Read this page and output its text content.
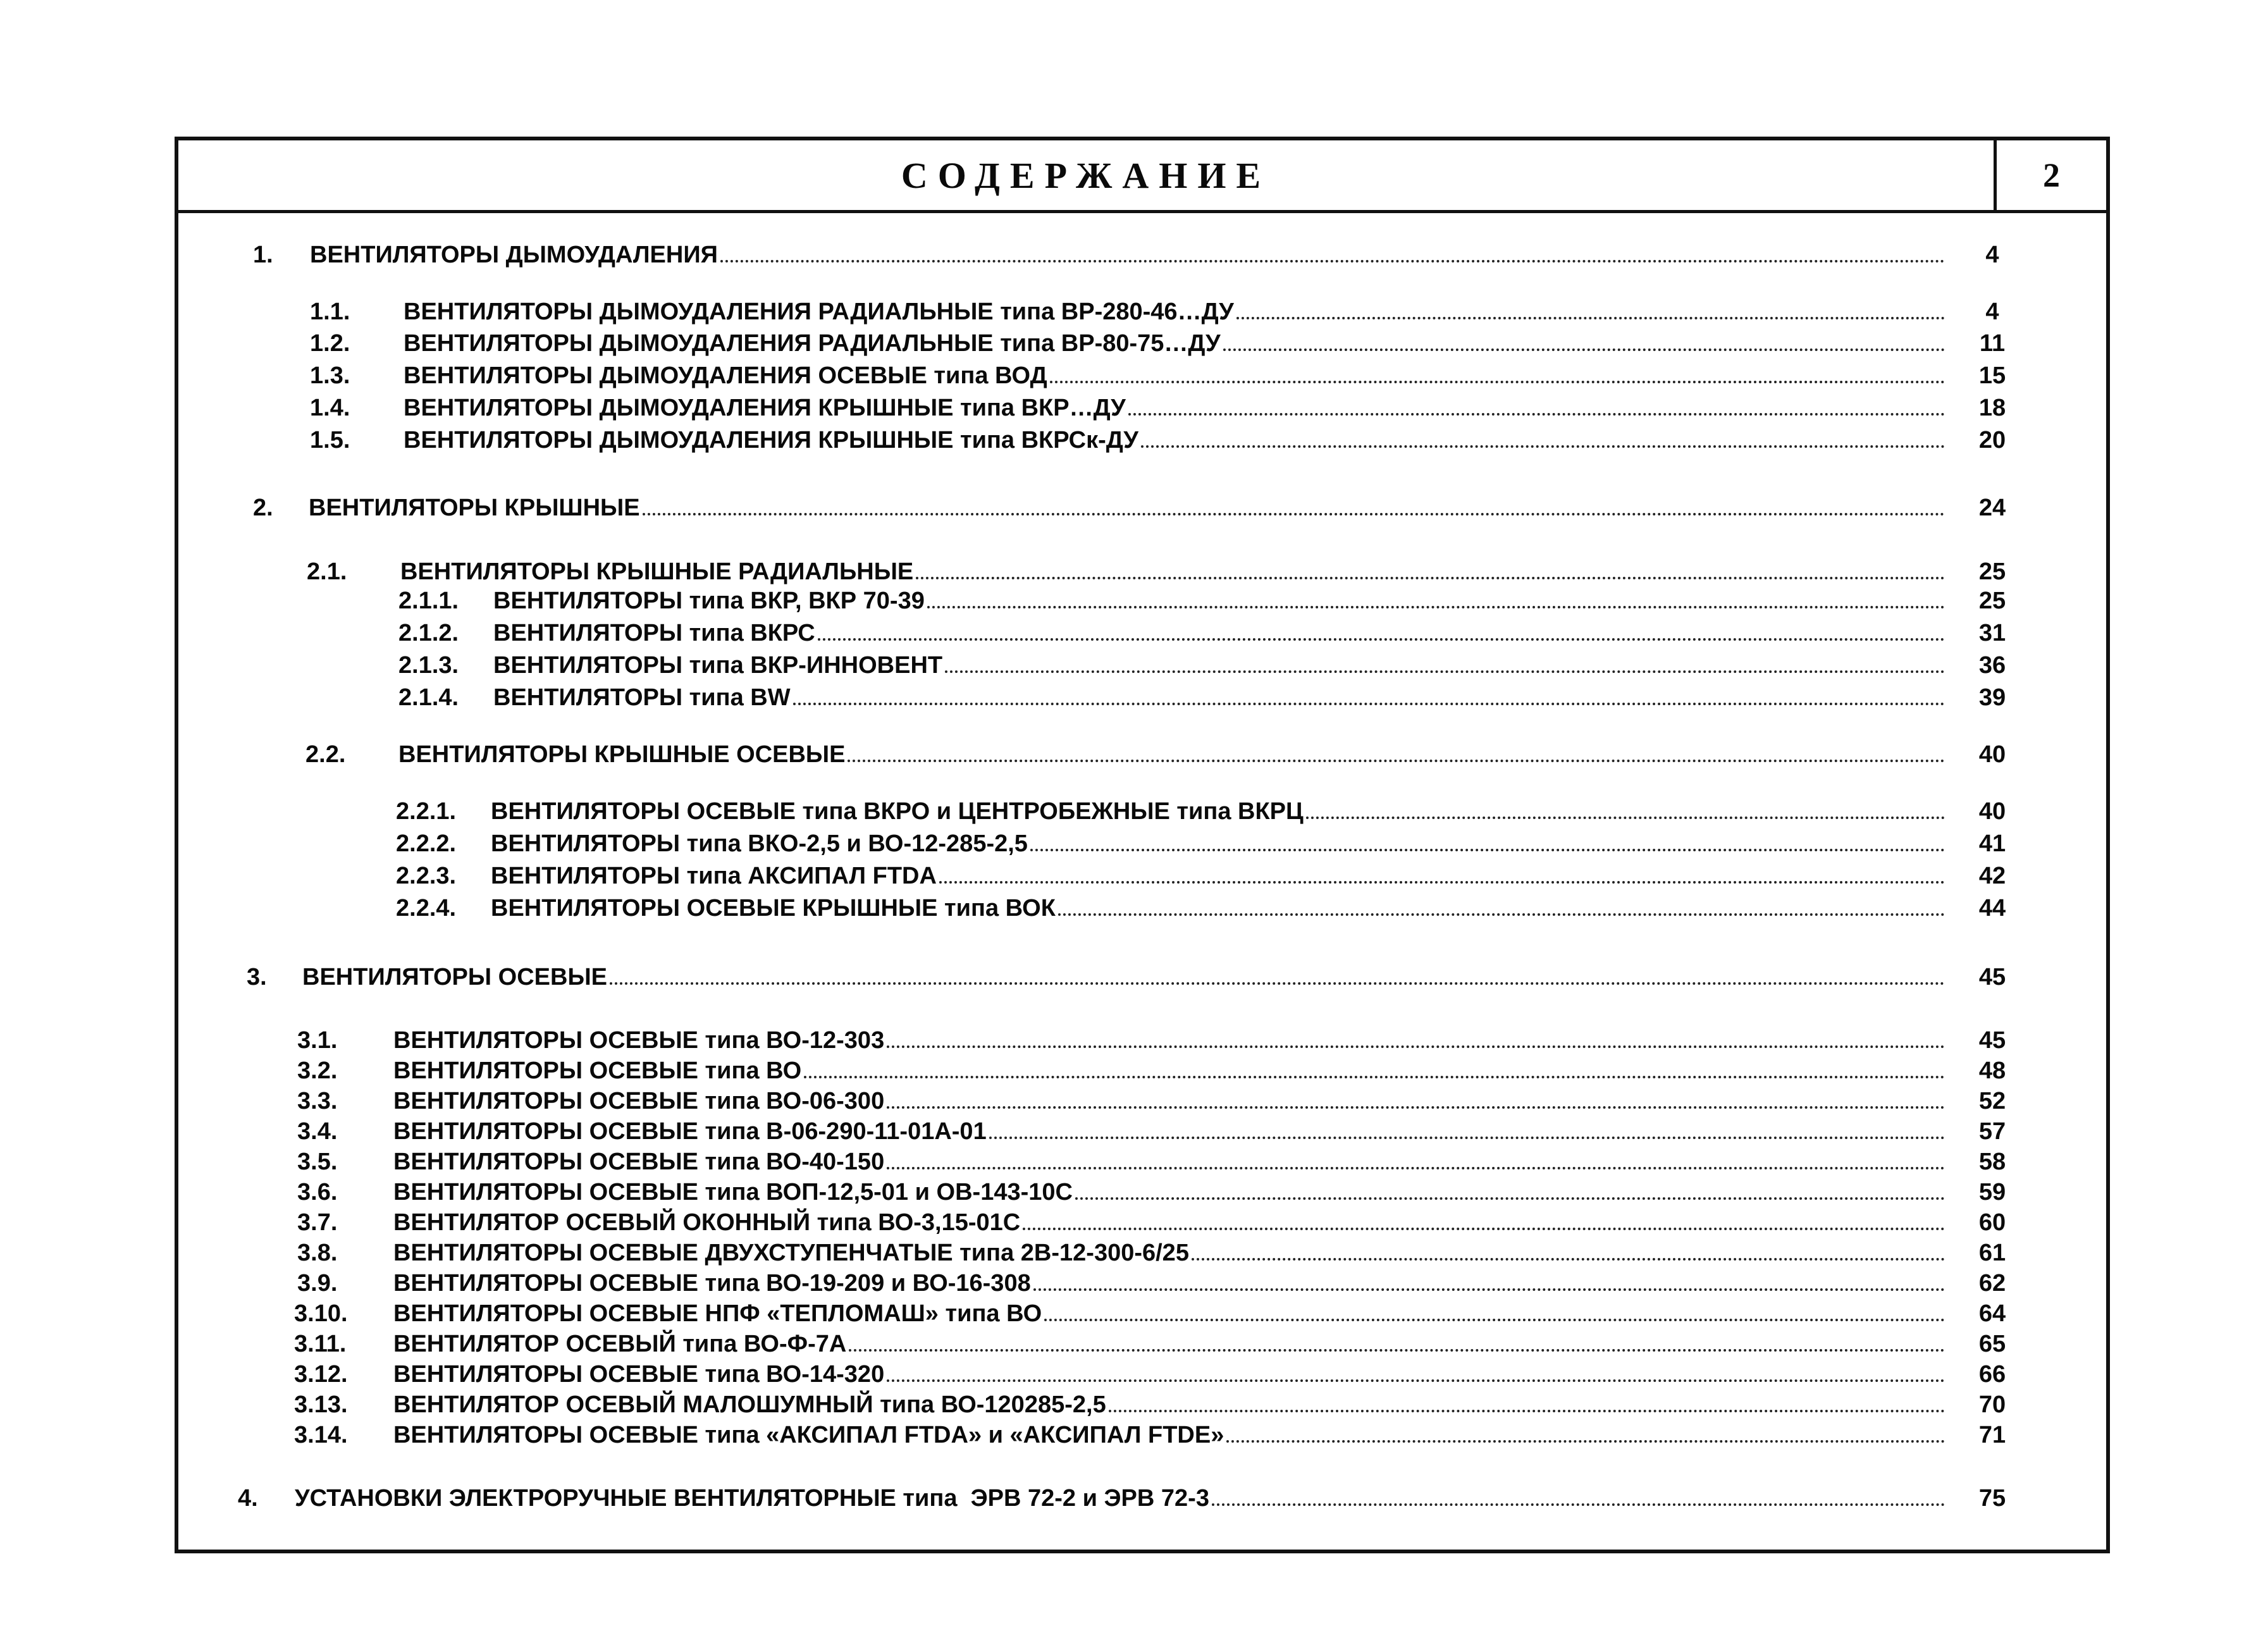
СОДЕРЖАНИЕ	2
1. ВЕНТИЛЯТОРЫ ДЫМОУДАЛЕНИЯ	4
1.1. ВЕНТИЛЯТОРЫ ДЫМОУДАЛЕНИЯ РАДИАЛЬНЫЕ типа ВР-280-46…ДУ	4
1.2. ВЕНТИЛЯТОРЫ ДЫМОУДАЛЕНИЯ РАДИАЛЬНЫЕ типа ВР-80-75…ДУ	11
1.3. ВЕНТИЛЯТОРЫ ДЫМОУДАЛЕНИЯ ОСЕВЫЕ типа ВОД	15
1.4. ВЕНТИЛЯТОРЫ ДЫМОУДАЛЕНИЯ КРЫШНЫЕ типа ВКР…ДУ	18
1.5. ВЕНТИЛЯТОРЫ ДЫМОУДАЛЕНИЯ КРЫШНЫЕ типа ВКРСк-ДУ	20
2. ВЕНТИЛЯТОРЫ КРЫШНЫЕ	24
2.1. ВЕНТИЛЯТОРЫ КРЫШНЫЕ РАДИАЛЬНЫЕ	25
2.1.1. ВЕНТИЛЯТОРЫ типа ВКР, ВКР 70-39	25
2.1.2. ВЕНТИЛЯТОРЫ типа ВКРС	31
2.1.3. ВЕНТИЛЯТОРЫ типа ВКР-ИННОВЕНТ	36
2.1.4. ВЕНТИЛЯТОРЫ типа BW	39
2.2. ВЕНТИЛЯТОРЫ КРЫШНЫЕ ОСЕВЫЕ	40
2.2.1. ВЕНТИЛЯТОРЫ ОСЕВЫЕ типа ВКРО и ЦЕНТРОБЕЖНЫЕ типа ВКРЦ	40
2.2.2. ВЕНТИЛЯТОРЫ типа ВКО-2,5 и ВО-12-285-2,5	41
2.2.3. ВЕНТИЛЯТОРЫ типа АКСИПАЛ FTDA	42
2.2.4. ВЕНТИЛЯТОРЫ ОСЕВЫЕ КРЫШНЫЕ типа ВОК	44
3. ВЕНТИЛЯТОРЫ ОСЕВЫЕ	45
3.1. ВЕНТИЛЯТОРЫ ОСЕВЫЕ типа ВО-12-303	45
3.2. ВЕНТИЛЯТОРЫ ОСЕВЫЕ типа ВО	48
3.3. ВЕНТИЛЯТОРЫ ОСЕВЫЕ типа ВО-06-300	52
3.4. ВЕНТИЛЯТОРЫ ОСЕВЫЕ типа В-06-290-11-01А-01	57
3.5. ВЕНТИЛЯТОРЫ ОСЕВЫЕ типа ВО-40-150	58
3.6. ВЕНТИЛЯТОРЫ ОСЕВЫЕ типа ВОП-12,5-01 и ОВ-143-10С	59
3.7. ВЕНТИЛЯТОР ОСЕВЫЙ ОКОННЫЙ типа ВО-3,15-01С	60
3.8. ВЕНТИЛЯТОРЫ ОСЕВЫЕ ДВУХСТУПЕНЧАТЫЕ типа 2В-12-300-6/25	61
3.9. ВЕНТИЛЯТОРЫ ОСЕВЫЕ типа ВО-19-209 и ВО-16-308	62
3.10. ВЕНТИЛЯТОРЫ ОСЕВЫЕ НПФ «ТЕПЛОМАШ» типа ВО	64
3.11. ВЕНТИЛЯТОР ОСЕВЫЙ типа ВО-Ф-7А	65
3.12. ВЕНТИЛЯТОРЫ ОСЕВЫЕ типа ВО-14-320	66
3.13. ВЕНТИЛЯТОР ОСЕВЫЙ МАЛОШУМНЫЙ типа ВО-120285-2,5	70
3.14. ВЕНТИЛЯТОРЫ ОСЕВЫЕ типа «АКСИПАЛ FTDA» и «АКСИПАЛ FTDE»	71
4. УСТАНОВКИ ЭЛЕКТРОРУЧНЫЕ ВЕНТИЛЯТОРНЫЕ типа  ЭРВ 72-2 и ЭРВ 72-3	75
